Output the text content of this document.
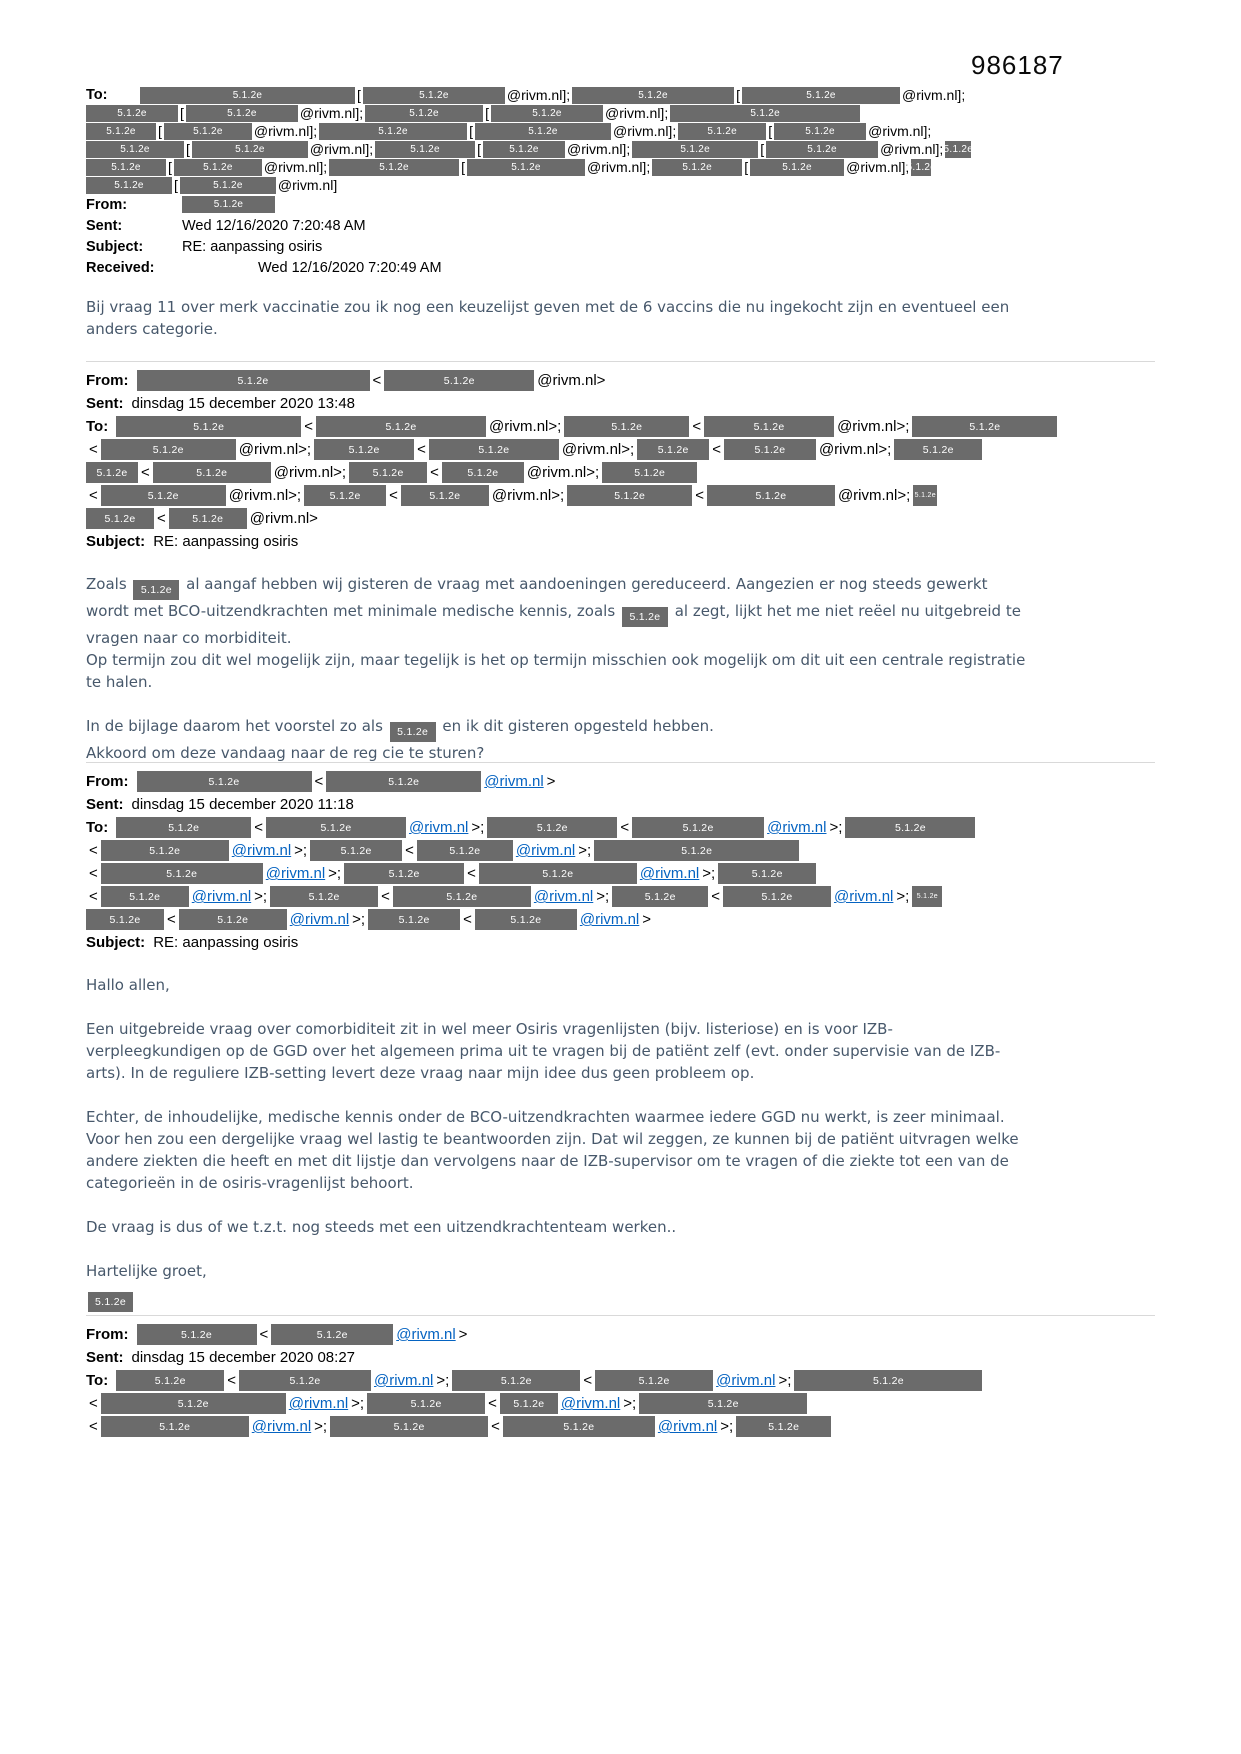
986187
To:	5.1.2e	[	5.1.2e	@rivm.nl];	5.1.2e	[	5.1.2e	@rivm.nl];
5.1.2e	[	5.1.2e	@rivm.nl];	5.1.2e	[	5.1.2e	@rivm.nl];	5.1.2e
5.1.2e	[	5.1.2e	@rivm.nl];	5.1.2e	[	5.1.2e	@rivm.nl];	5.1.2e	[	5.1.2e	@rivm.nl];
5.1.2e	[	5.1.2e	@rivm.nl];	5.1.2e	[	5.1.2e	@rivm.nl];	5.1.2e	[	5.1.2e	@rivm.nl]; 5.1.2e
5.1.2e	[	5.1.2e	@rivm.nl];	5.1.2e	[	5.1.2e	@rivm.nl];	5.1.2e	[	5.1.2e	@rivm.nl];
5.1.2e
5.1.2e	[	5.1.2e	@rivm.nl]
From:	5.1.2e
Sent:	Wed 12/16/2020 7:20:48 AM
Subject:	RE: aanpassing osiris
Received:	Wed 12/16/2020 7:20:49 AM
Bij vraag 11 over merk vaccinatie zou ik nog een keuzelijst geven met de 6 vaccins die nu ingekocht zijn en eventueel een anders categorie.
From:	5.1.2e	<	5.1.2e	@rivm.nl>
Sent: dinsdag 15 december 2020 13:48
To:	5.1.2e	<	5.1.2e	@rivm.nl>;	5.1.2e	<	5.1.2e	@rivm.nl>;	5.1.2e
<	5.1.2e	@rivm.nl>;	5.1.2e	<	5.1.2e	@rivm.nl>;	5.1.2e	<	5.1.2e	@rivm.nl>;	5.1.2e
5.1.2e <	5.1.2e	@rivm.nl>;	5.1.2e	<	5.1.2e	@rivm.nl>;	5.1.2e
<	5.1.2e	@rivm.nl>;	5.1.2e	<	5.1.2e	@rivm.nl>;	5.1.2e	<	5.1.2e	@rivm.nl>; 5.1.2e
5.1.2e	<	5.1.2e	@rivm.nl>
Subject: RE: aanpassing osiris
Zoals 5.1.2e al aangaf hebben wij gisteren de vraag met aandoeningen gereduceerd. Aangezien er nog steeds gewerkt wordt met BCO-uitzendkrachten met minimale medische kennis, zoals 5.1.2e al zegt, lijkt het me niet reëel nu uitgebreid te vragen naar co morbiditeit.
Op termijn zou dit wel mogelijk zijn, maar tegelijk is het op termijn misschien ook mogelijk om dit uit een centrale registratie te halen.
In de bijlage daarom het voorstel zo als 5.1.2e en ik dit gisteren opgesteld hebben.
Akkoord om deze vandaag naar de reg cie te sturen?
From:	5.1.2e	<	5.1.2e	@rivm.nl >
Sent: dinsdag 15 december 2020 11:18
To:	5.1.2e	<	5.1.2e	@rivm.nl >;	5.1.2e	<	5.1.2e	@rivm.nl >;	5.1.2e
<	5.1.2e	@rivm.nl >;	5.1.2e	<	5.1.2e	@rivm.nl >;	5.1.2e
<	5.1.2e	@rivm.nl >;	5.1.2e	<	5.1.2e	@rivm.nl >;	5.1.2e
<	5.1.2e	@rivm.nl >;	5.1.2e	<	5.1.2e	@rivm.nl >;	5.1.2e	<	5.1.2e	@rivm.nl >;	5.1.2e
5.1.2e	<	5.1.2e	@rivm.nl >;	5.1.2e	<	5.1.2e	@rivm.nl >
Subject: RE: aanpassing osiris
Hallo allen,
Een uitgebreide vraag over comorbiditeit zit in wel meer Osiris vragenlijsten (bijv. listeriose) en is voor IZB-verpleegkundigen op de GGD over het algemeen prima uit te vragen bij de patiënt zelf (evt. onder supervisie van de IZB-arts). In de reguliere IZB-setting levert deze vraag naar mijn idee dus geen probleem op.
Echter, de inhoudelijke, medische kennis onder de BCO-uitzendkrachten waarmee iedere GGD nu werkt, is zeer minimaal. Voor hen zou een dergelijke vraag wel lastig te beantwoorden zijn. Dat wil zeggen, ze kunnen bij de patiënt uitvragen welke andere ziekten die heeft en met dit lijstje dan vervolgens naar de IZB-supervisor om te vragen of die ziekte tot een van de categorieën in de osiris-vragenlijst behoort.
De vraag is dus of we t.z.t. nog steeds met een uitzendkrachtenteam werken..
Hartelijke groet,
5.1.2e
From:	5.1.2e	<	5.1.2e	@rivm.nl >
Sent: dinsdag 15 december 2020 08:27
To:	5.1.2e	<	5.1.2e	@rivm.nl >;	5.1.2e	<	5.1.2e	@rivm.nl >;	5.1.2e
<	5.1.2e	@rivm.nl >;	5.1.2e	<	5.1.2e	@rivm.nl >;	5.1.2e
<	5.1.2e	@rivm.nl >;	5.1.2e	<	5.1.2e	@rivm.nl >;	5.1.2e
